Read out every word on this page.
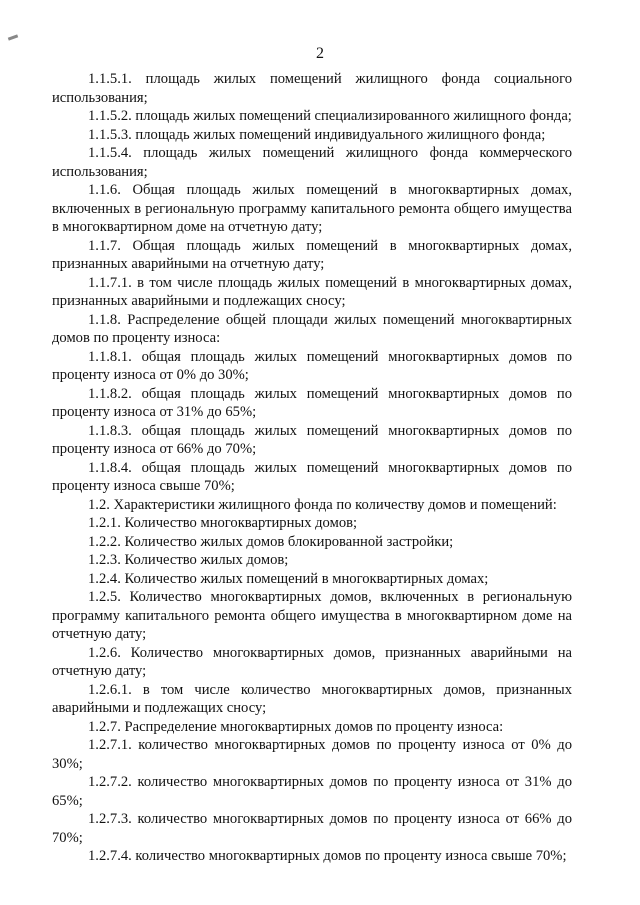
2

1.1.5.1. площадь жилых помещений жилищного фонда социального использования;

1.1.5.2. площадь жилых помещений специализированного жилищного фонда;

1.1.5.3. площадь жилых помещений индивидуального жилищного фонда;

1.1.5.4. площадь жилых помещений жилищного фонда коммерческого использования;

1.1.6. Общая площадь жилых помещений в многоквартирных домах, включенных в региональную программу капитального ремонта общего имущества в многоквартирном доме на отчетную дату;

1.1.7. Общая площадь жилых помещений в многоквартирных домах, признанных аварийными на отчетную дату;

1.1.7.1. в том числе площадь жилых помещений в многоквартирных домах, признанных аварийными и подлежащих сносу;

1.1.8. Распределение общей площади жилых помещений многоквартирных домов по проценту износа:

1.1.8.1. общая площадь жилых помещений многоквартирных домов по проценту износа от 0% до 30%;

1.1.8.2. общая площадь жилых помещений многоквартирных домов по проценту износа от 31% до 65%;

1.1.8.3. общая площадь жилых помещений многоквартирных домов по проценту износа от 66% до 70%;

1.1.8.4. общая площадь жилых помещений многоквартирных домов по проценту износа свыше 70%;

1.2. Характеристики жилищного фонда по количеству домов и помещений:

1.2.1. Количество многоквартирных домов;

1.2.2. Количество жилых домов блокированной застройки;

1.2.3. Количество жилых домов;

1.2.4. Количество жилых помещений в многоквартирных домах;

1.2.5. Количество многоквартирных домов, включенных в региональную программу капитального ремонта общего имущества в многоквартирном доме на отчетную дату;

1.2.6. Количество многоквартирных домов, признанных аварийными на отчетную дату;

1.2.6.1. в том числе количество многоквартирных домов, признанных аварийными и подлежащих сносу;

1.2.7. Распределение многоквартирных домов по проценту износа:

1.2.7.1. количество многоквартирных домов по проценту износа от 0% до 30%;

1.2.7.2. количество многоквартирных домов по проценту износа от 31% до 65%;

1.2.7.3. количество многоквартирных домов по проценту износа от 66% до 70%;

1.2.7.4. количество многоквартирных домов по проценту износа свыше 70%;
